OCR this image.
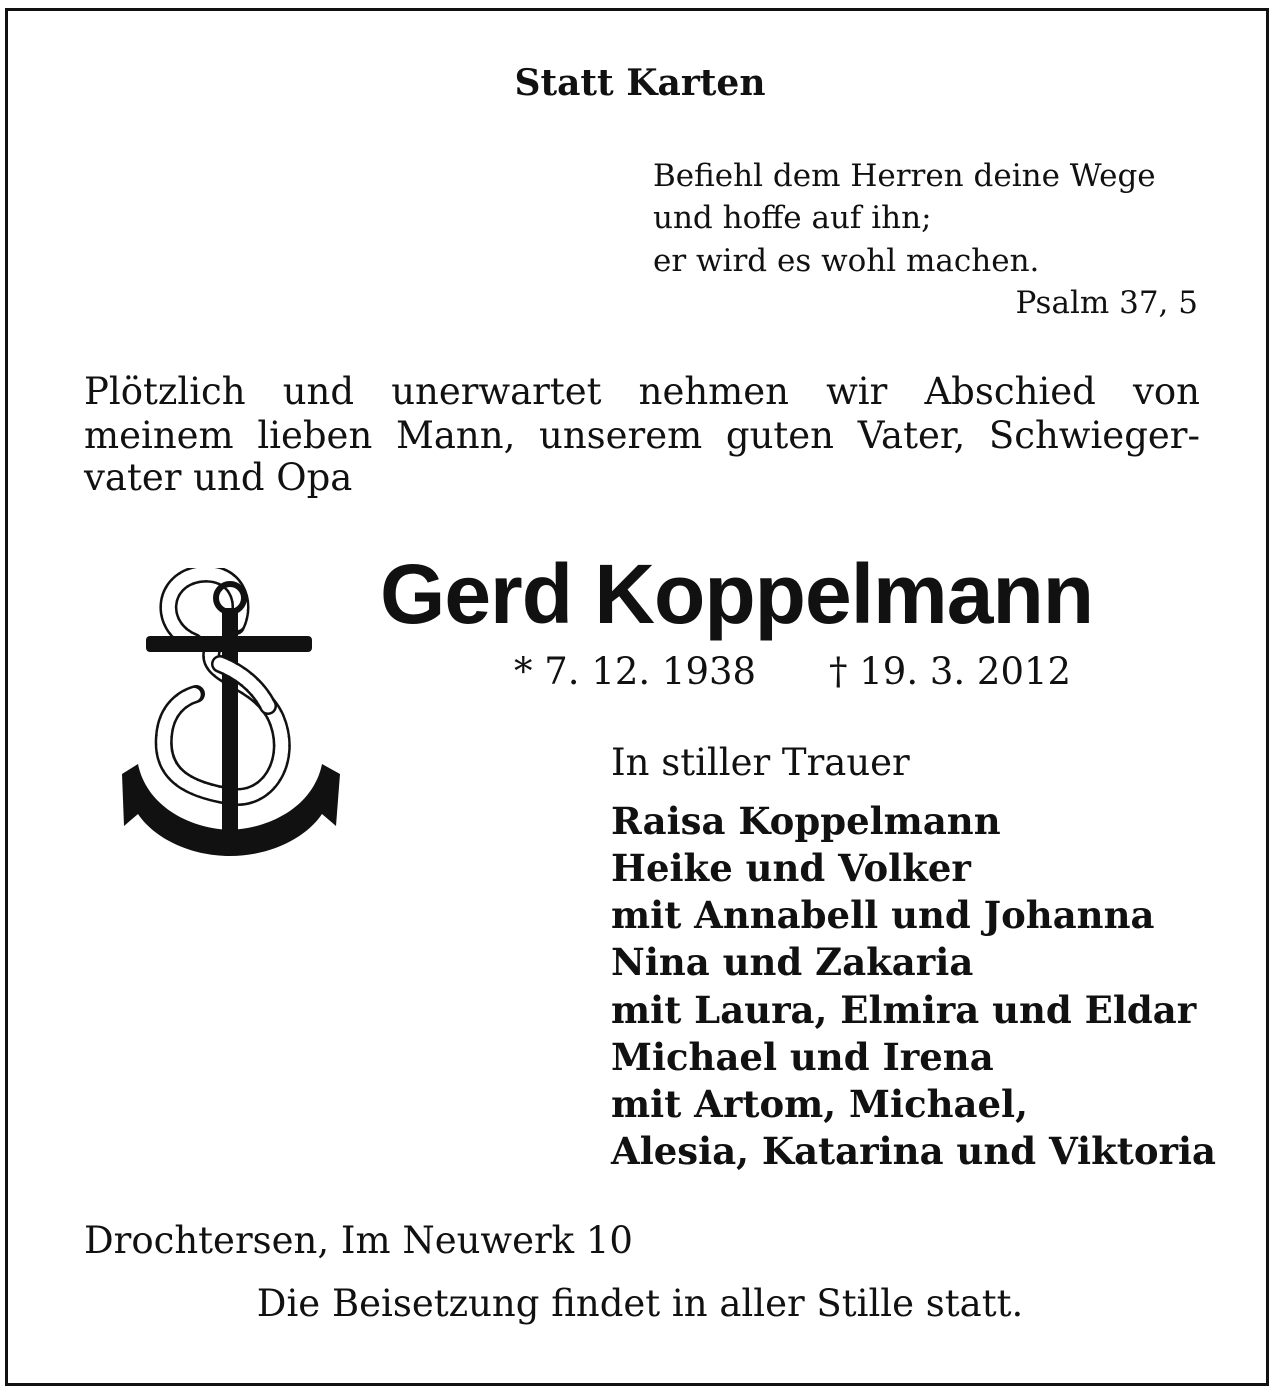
Statt Karten
Befiehl dem Herren deine Wege
und hoffe auf ihn;
er wird es wohl machen.
Psalm 37, 5
Plötzlich und unerwartet nehmen wir Abschied von
meinem lieben Mann, unserem guten Vater, Schwieger-
vater und Opa
Gerd Koppelmann
* 7. 12. 1938 † 19. 3. 2012
In stiller Trauer
Raisa Koppelmann
Heike und Volker
mit Annabell und Johanna
Nina und Zakaria
mit Laura, Elmira und Eldar
Michael und Irena
mit Artom, Michael,
Alesia, Katarina und Viktoria
Drochtersen, Im Neuwerk 10
Die Beisetzung findet in aller Stille statt.
